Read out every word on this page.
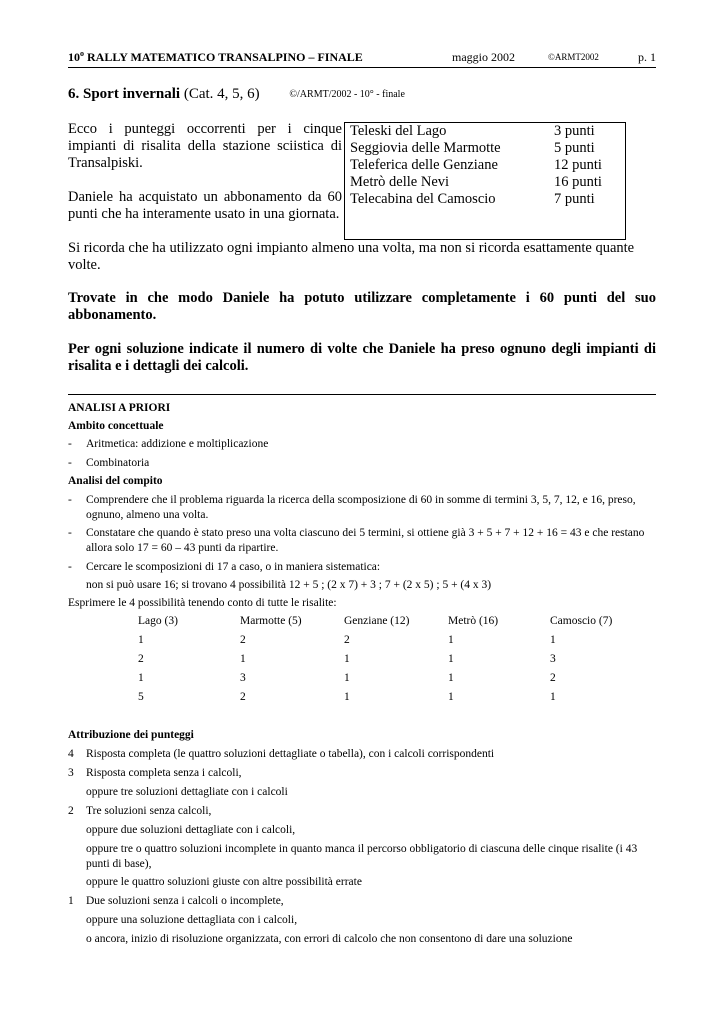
10$^o$ RALLY MATEMATICO TRANSALPINO – FINALE	maggio 2002	©ARMT2002	p. 1
6. Sport invernali (Cat. 4, 5, 6)	©/ARMT/2002 - 10° - finale

Ecco i punteggi occorrenti per i cinque impianti di risalita della stazione sciistica di Transalpiski.

Daniele ha acquistato un abbonamento da 60 punti che ha interamente usato in una giornata.

Teleski del Lago	3 punti
Seggiovia delle Marmotte	5 punti
Teleferica delle Genziane	12 punti
Metrò delle Nevi	16 punti
Telecabina del Camoscio	7 punti
Si ricorda che ha utilizzato ogni impianto almeno una volta, ma non si ricorda esattamente quante volte.
Trovate in che modo Daniele ha potuto utilizzare completamente i 60 punti del suo abbonamento.
Per ogni soluzione indicate il numero di volte che Daniele ha preso ognuno degli impianti di risalita e i dettagli dei calcoli.
ANALISI A PRIORI
Ambito concettuale
- Aritmetica: addizione e moltiplicazione
- Combinatoria
Analisi del compito
- Comprendere che il problema riguarda la ricerca della scomposizione di 60 in somme di termini 3, 5, 7, 12, e 16, preso, ognuno, almeno una volta.
- Constatare che quando è stato preso una volta ciascuno dei 5 termini, si ottiene già 3 + 5 + 7 + 12 + 16 = 43 e che restano allora solo 17 = 60 – 43 punti da ripartire.
- Cercare le scomposizioni di 17 a caso, o in maniera sistematica:
non si può usare 16; si trovano 4 possibilità 12 + 5 ; (2 x 7) + 3 ; 7 + (2 x 5) ; 5 + (4 x 3)
Esprimere le 4 possibilità tenendo conto di tutte le risalite:
Lago (3)	Marmotte (5)	Genziane (12)	Metrò (16)	Camoscio (7)
1	2	2	1	1
2	1	1	1	3
1	3	1	1	2
5	2	1	1	1
Attribuzione dei punteggi
4 Risposta completa (le quattro soluzioni dettagliate o tabella), con i calcoli corrispondenti
3 Risposta completa senza i calcoli,
oppure tre soluzioni dettagliate con i calcoli
2 Tre soluzioni senza calcoli,
oppure due soluzioni dettagliate con i calcoli,
oppure tre o quattro soluzioni incomplete in quanto manca il percorso obbligatorio di ciascuna delle cinque risalite (i 43 punti di base),
oppure le quattro soluzioni giuste con altre possibilità errate
1 Due soluzioni senza i calcoli o incomplete,
oppure una soluzione dettagliata con i calcoli,
o ancora, inizio di risoluzione organizzata, con errori di calcolo che non consentono di dare una soluzione
